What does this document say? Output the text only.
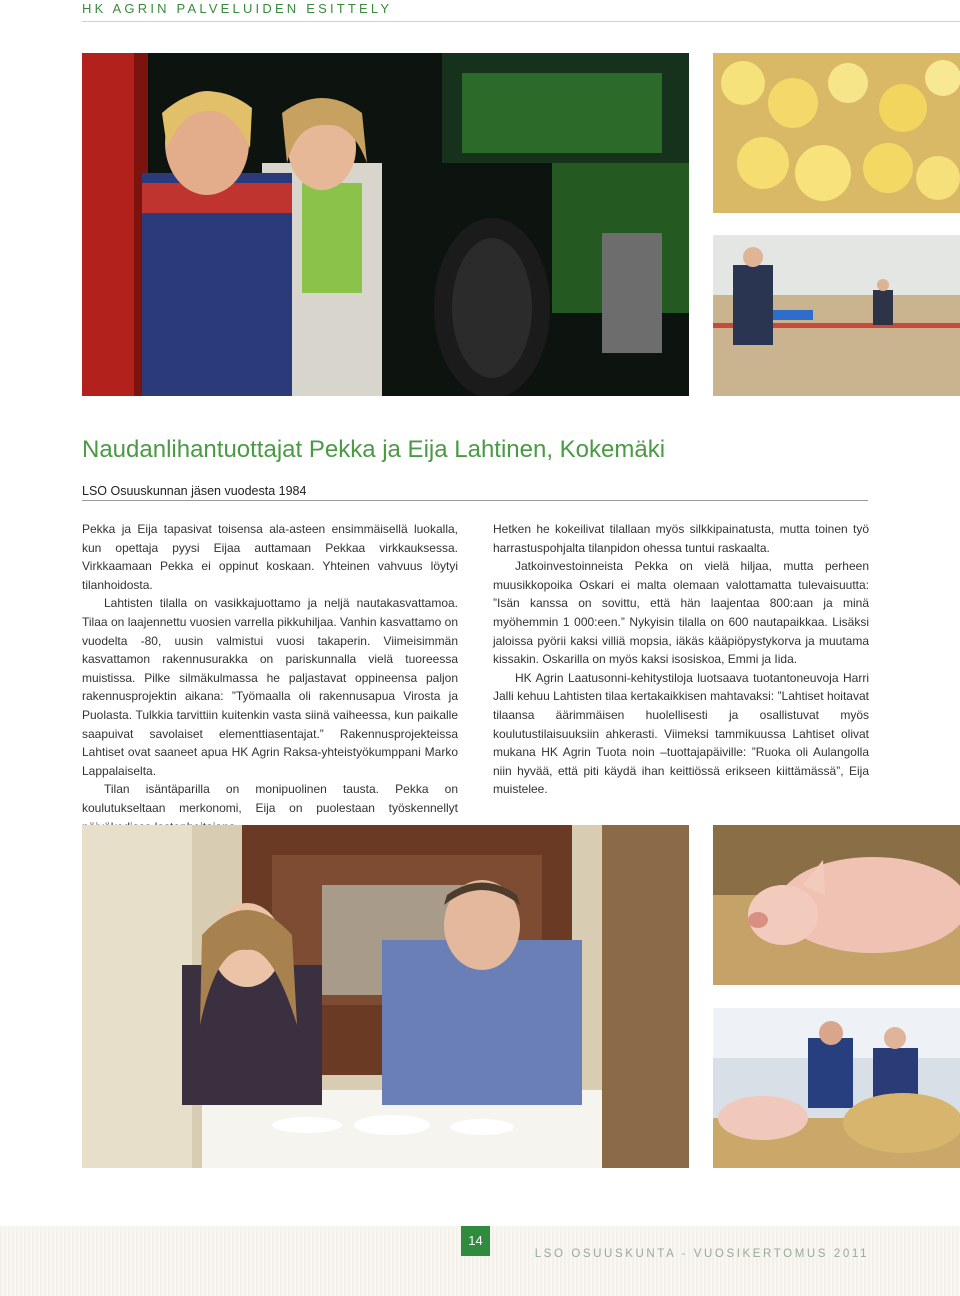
HK AGRIN PALVELUIDEN ESITTELY
Naudanlihantuottajat Pekka ja Eija Lahtinen, Kokemäki
LSO Osuuskunnan jäsen vuodesta 1984

Pekka ja Eija tapasivat toisensa ala-asteen ensimmäisellä luokalla, kun opettaja pyysi Eijaa auttamaan Pekkaa virkkauksessa. Virkkaamaan Pekka ei oppinut koskaan. Yhteinen vahvuus löytyi tilanhoidosta.

Lahtisten tilalla on vasikkajuottamo ja neljä nautakasvattamoa. Tilaa on laajennettu vuosien varrella pikkuhiljaa. Vanhin kasvattamo on vuodelta -80, uusin valmistui vuosi takaperin. Viimeisimmän kasvattamon rakennusurakka on pariskunnalla vielä tuoreessa muistissa. Pilke silmäkulmassa he paljastavat oppineensa paljon rakennusprojektin aikana: ”Työmaalla oli rakennusapua Virosta ja Puolasta. Tulkkia tarvittiin kuitenkin vasta siinä vaiheessa, kun paikalle saapuivat savolaiset elementtiasentajat.” Rakennusprojekteissa Lahtiset ovat saaneet apua HK Agrin Raksa-yhteistyökumppani Marko Lappalaiselta.

Tilan isäntäparilla on monipuolinen tausta. Pekka on koulutukseltaan merkonomi, Eija on puolestaan työskennellyt

Hetken he kokeilivat tilallaan myös silkkipainatusta, mutta toinen työ harrastuspohjalta tilanpidon ohessa tuntui raskaalta.

Jatkoinvestoinneista Pekka on vielä hiljaa, mutta perheen muusikkopoika Oskari ei malta olemaan valottamatta tulevaisuutta: ”Isän kanssa on sovittu, että hän laajentaa 800:aan ja minä myöhemmin 1 000:een.” Nykyisin tilalla on 600 nautapaikkaa. Lisäksi jaloissa pyörii kaksi villiä mopsia, iäkäs kääpiöpystykorva ja muutama kissakin. Oskarilla on myös kaksi isosiskoa, Emmi ja Iida.

HK Agrin Laatusonni-kehitystiloja luotsaava tuotantoneuvoja Harri Jalli kehuu Lahtisten tilaa kertakaikkisen mahtavaksi: ”Lahtiset hoitavat tilaansa äärimmäisen huolellisesti ja osallistuvat myös koulutustilaisuuksiin ahkerasti. Viimeksi tammikuussa Lahtiset olivat mukana HK Agrin Tuota noin –tuottajapäiville: ”Ruoka oli Aulangolla niin hyvää, että piti käydä ihan keittiössä erikseen kiittämässä”, Eija muistelee.

14
LSO OSUUSKUNTA - VUOSIKERTOMUS 2011
